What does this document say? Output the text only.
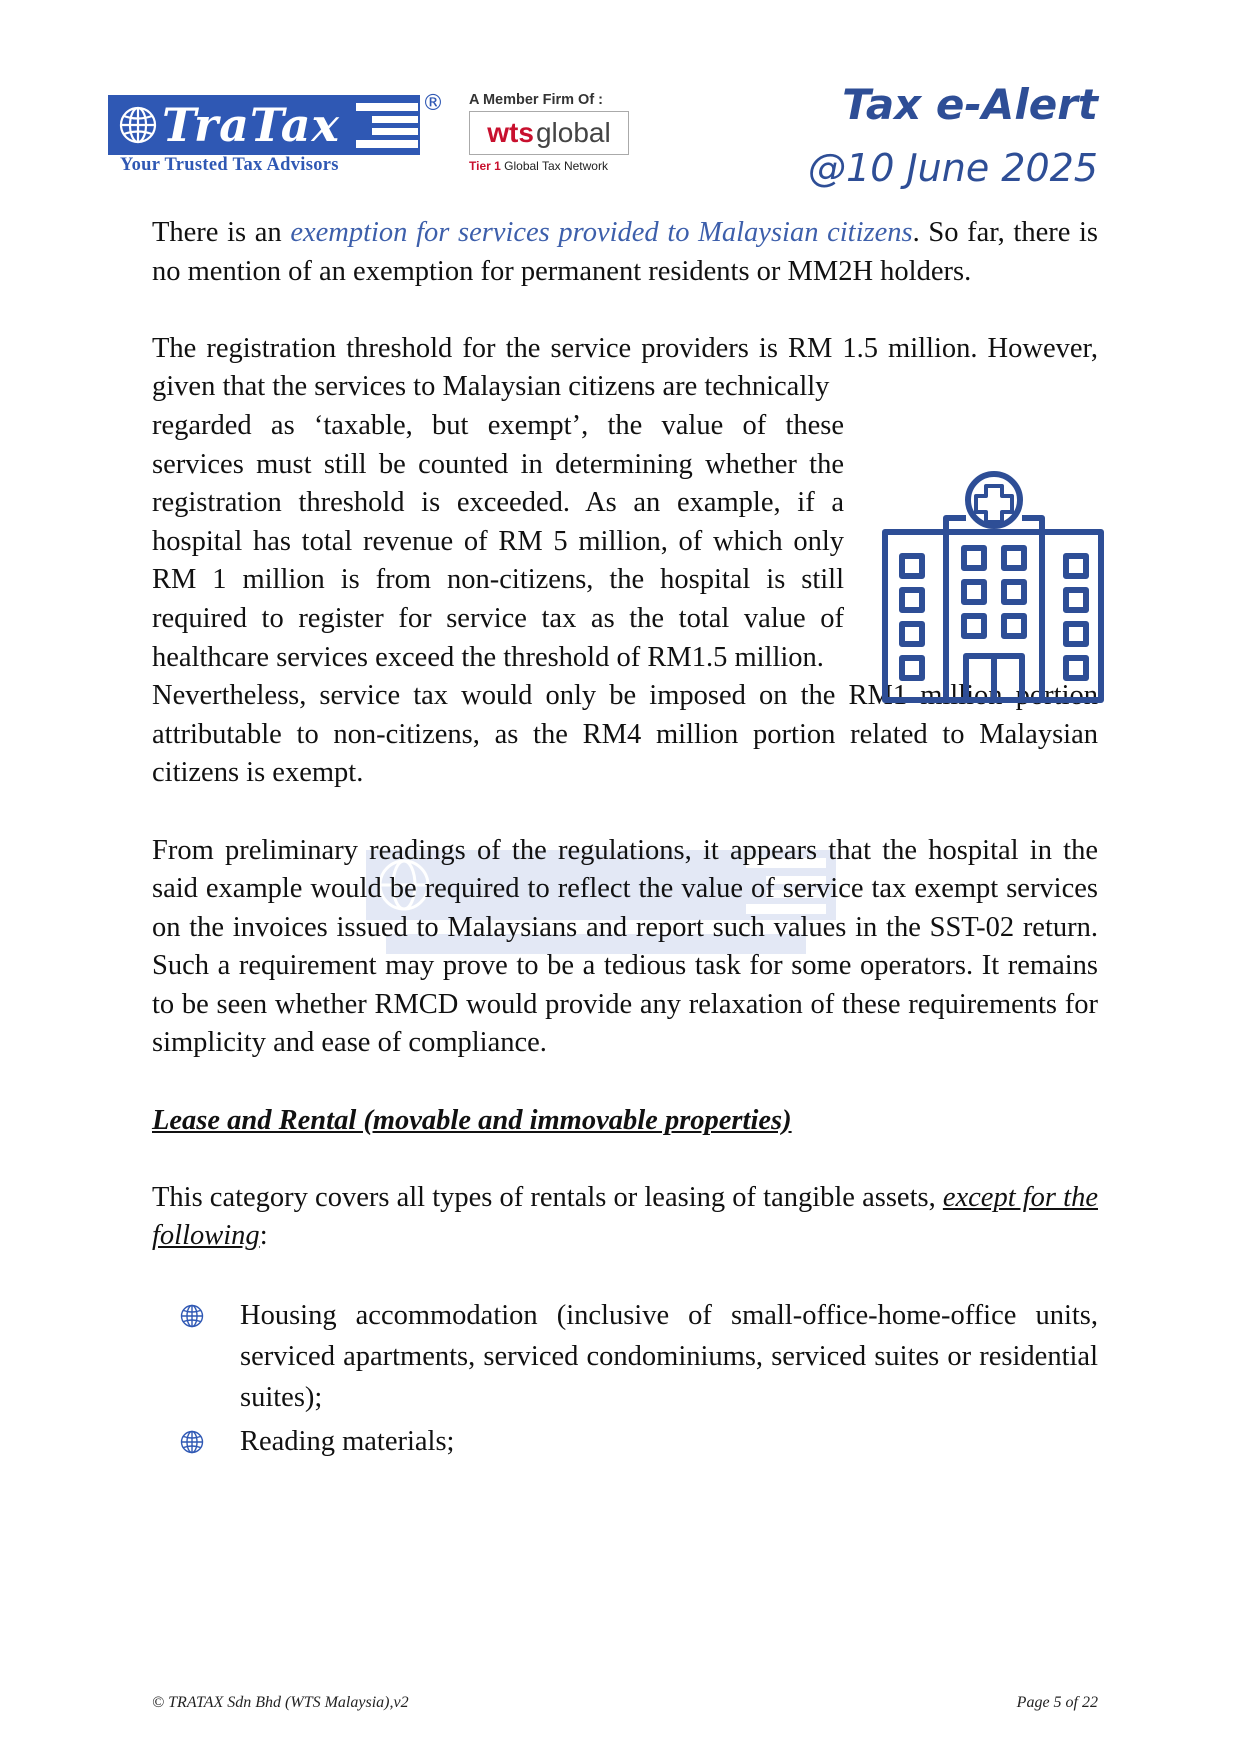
TraTax	®
Your Trusted Tax Advisors
A Member Firm Of :
wts global
Tier 1 Global Tax Network
Tax e-Alert
@10 June 2025

There is an exemption for services provided to Malaysian citizens. So far, there is no mention of an exemption for permanent residents or MM2H holders.

The registration threshold for the service providers is RM 1.5 million. However, given that the services to Malaysian citizens are technically

regarded as ‘taxable, but exempt’, the value of these services must still be counted in determining whether the registration threshold is exceeded. As an example, if a hospital has total revenue of RM 5 million, of which only RM 1 million is from non-citizens, the hospital is still required to register for service tax as the total value of healthcare services exceed the threshold of RM1.5 million.

Nevertheless, service tax would only be imposed on the RM1 million portion attributable to non-citizens, as the RM4 million portion related to Malaysian citizens is exempt.

From preliminary readings of the regulations, it appears that the hospital in the said example would be required to reflect the value of service tax exempt services on the invoices issued to Malaysians and report such values in the SST-02 return. Such a requirement may prove to be a tedious task for some operators. It remains to be seen whether RMCD would provide any relaxation of these requirements for simplicity and ease of compliance.

Lease and Rental (movable and immovable properties)

This category covers all types of rentals or leasing of tangible assets, except for the following:

Housing accommodation (inclusive of small-office-home-office units, serviced apartments, serviced condominiums, serviced suites or residential suites);
Reading materials;
© TRATAX Sdn Bhd (WTS Malaysia),v2	Page 5 of 22
